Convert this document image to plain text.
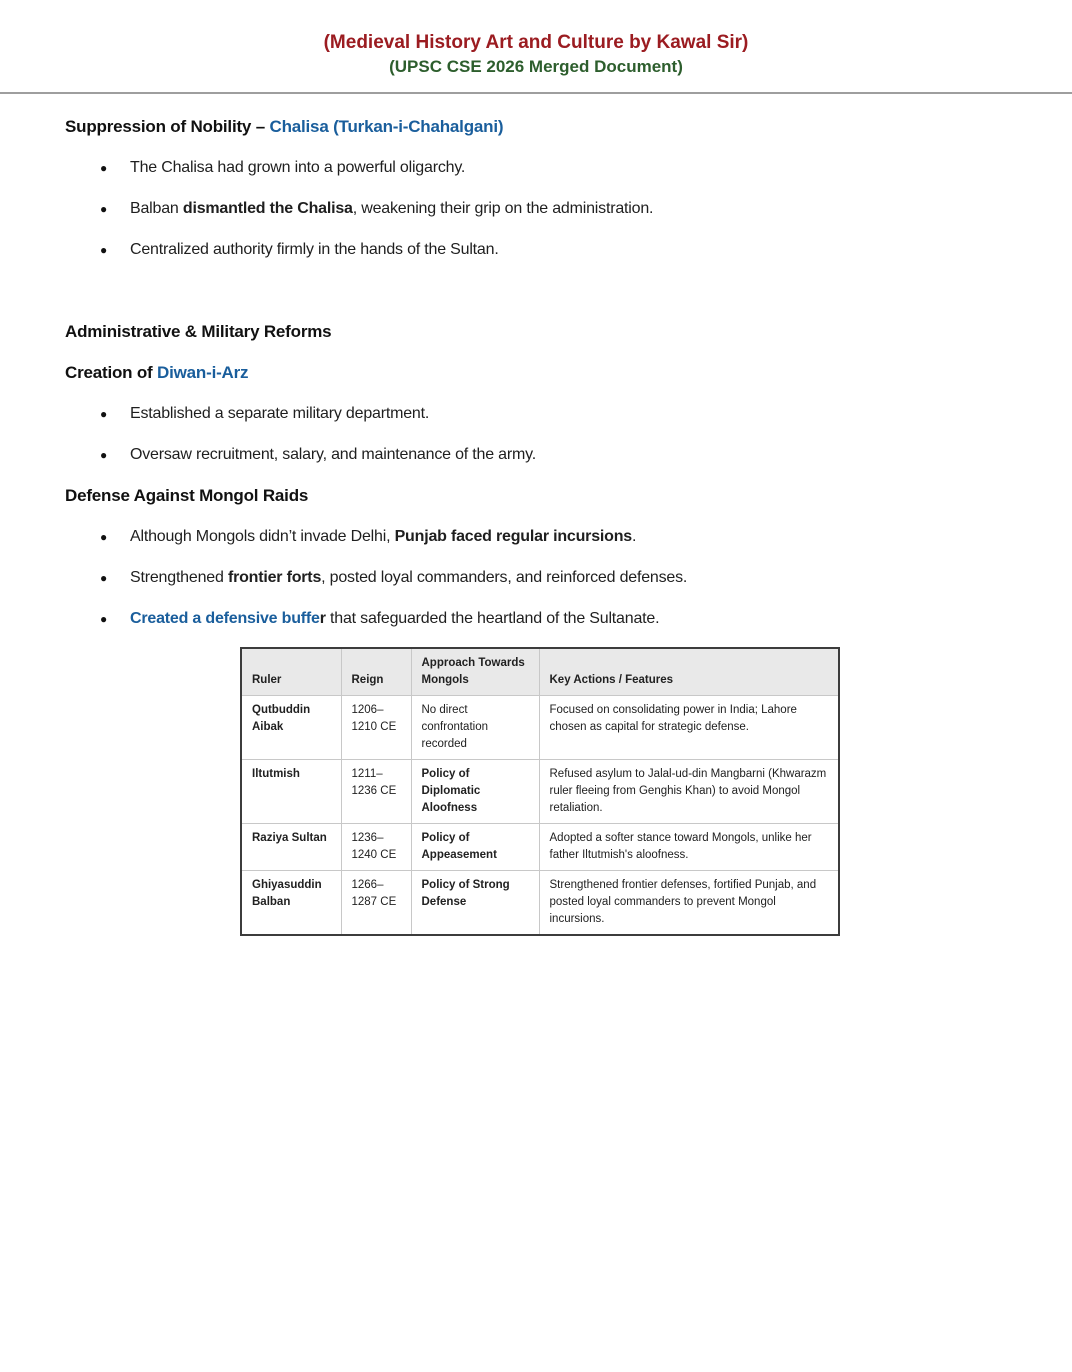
(Medieval History Art and Culture by Kawal Sir)
(UPSC CSE 2026 Merged Document)
Suppression of Nobility – Chalisa (Turkan-i-Chahalgani)
●	The Chalisa had grown into a powerful oligarchy.
●	Balban dismantled the Chalisa, weakening their grip on the administration.
●	Centralized authority firmly in the hands of the Sultan.
Administrative & Military Reforms
Creation of Diwan-i-Arz
●	Established a separate military department.
●	Oversaw recruitment, salary, and maintenance of the army.
Defense Against Mongol Raids
●	Although Mongols didn’t invade Delhi, Punjab faced regular incursions.
●	Strengthened frontier forts, posted loyal commanders, and reinforced defenses.
●	Created a defensive buffer that safeguarded the heartland of the Sultanate.
Ruler	Reign	Approach Towards Mongols	Key Actions / Features
Qutbuddin Aibak	1206–1210 CE	No direct confrontation recorded	Focused on consolidating power in India; Lahore chosen as capital for strategic defense.
Iltutmish	1211–1236 CE	Policy of Diplomatic Aloofness	Refused asylum to Jalal-ud-din Mangbarni (Khwarazm ruler fleeing from Genghis Khan) to avoid Mongol retaliation.
Raziya Sultan	1236–1240 CE	Policy of Appeasement	Adopted a softer stance toward Mongols, unlike her father Iltutmish's aloofness.
Ghiyasuddin Balban	1266–1287 CE	Policy of Strong Defense	Strengthened frontier defenses, fortified Punjab, and posted loyal commanders to prevent Mongol incursions.
